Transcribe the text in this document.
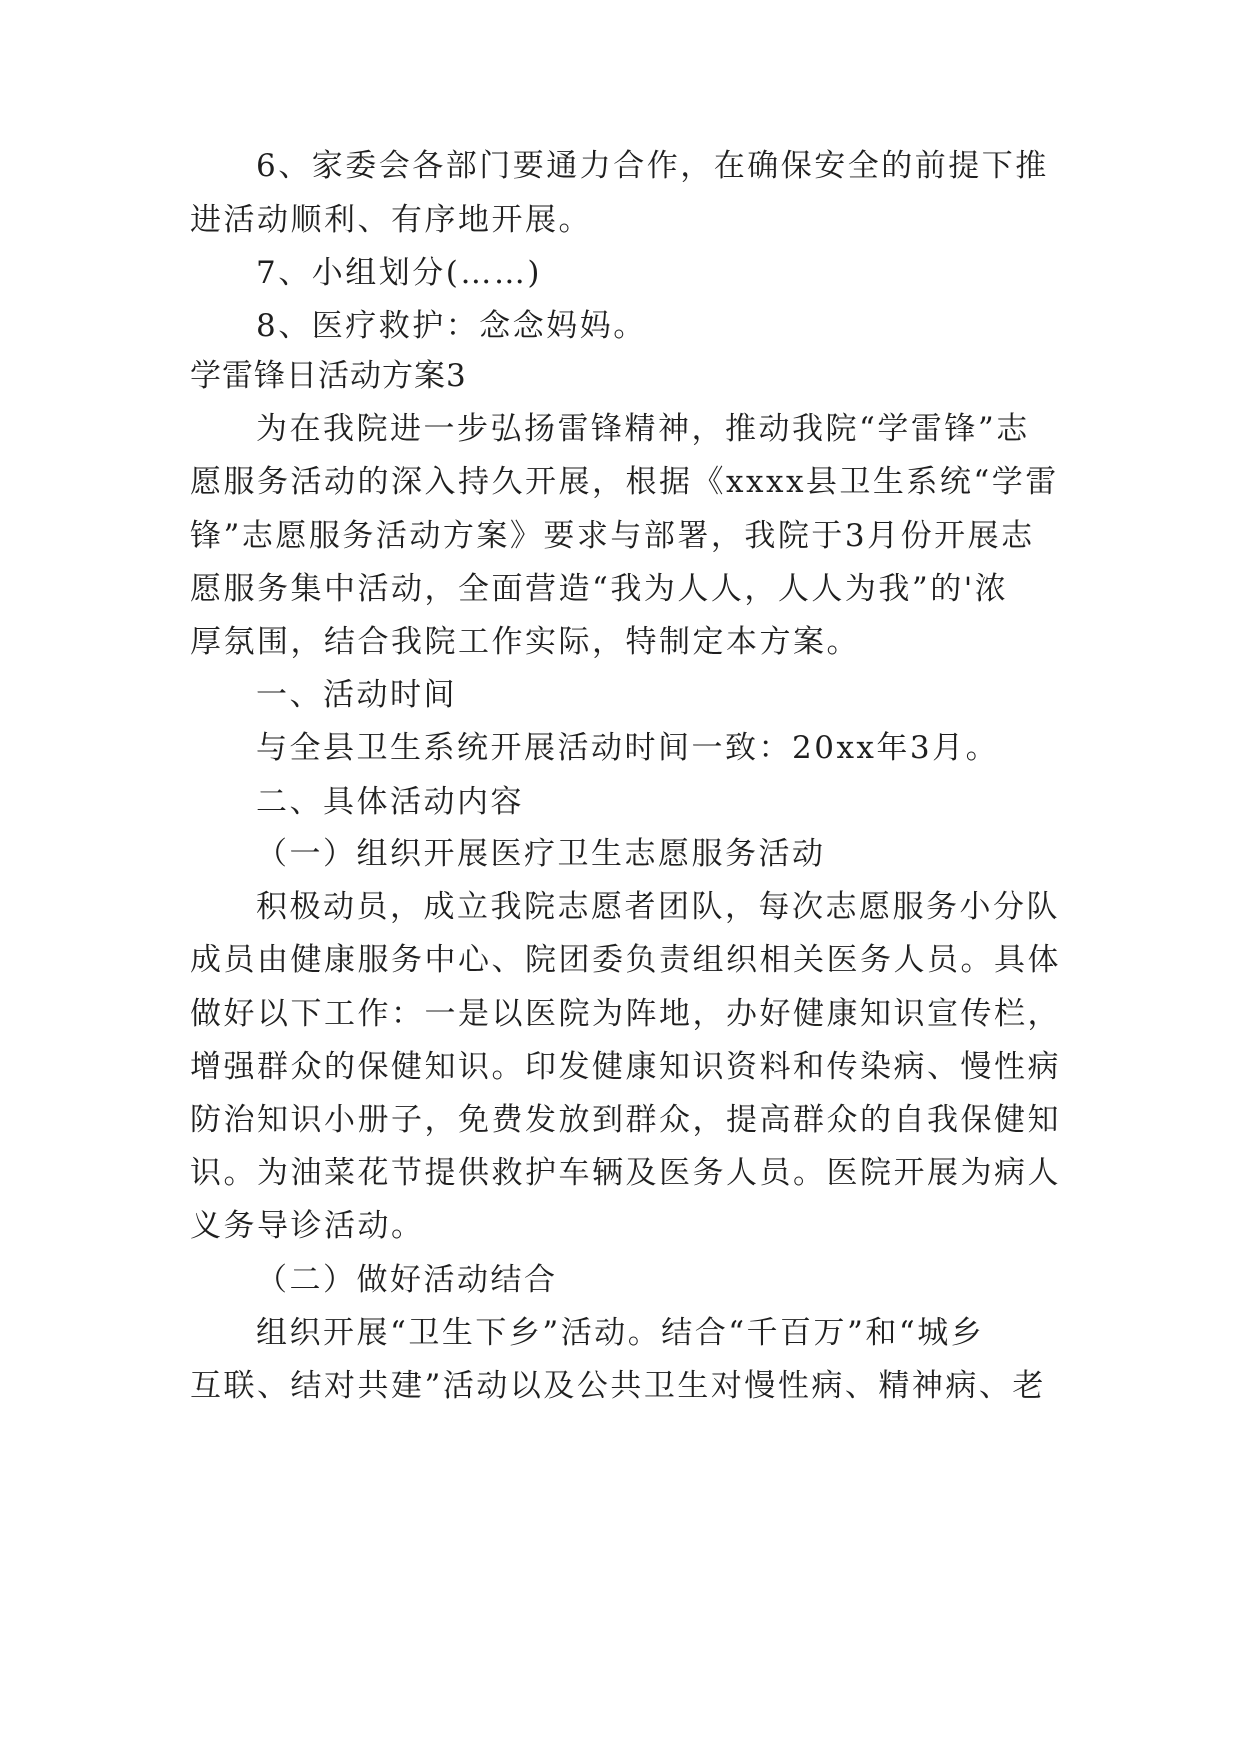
6、家委会各部门要通力合作，在确保安全的前提下推
进活动顺利、有序地开展。
7、小组划分(……)
8、医疗救护：念念妈妈。
学雷锋日活动方案3
为在我院进一步弘扬雷锋精神，推动我院“学雷锋”志
愿服务活动的深入持久开展，根据《xxxx县卫生系统“学雷
锋”志愿服务活动方案》要求与部署，我院于3月份开展志
愿服务集中活动，全面营造“我为人人，人人为我”的'浓
厚氛围，结合我院工作实际，特制定本方案。
一、活动时间
与全县卫生系统开展活动时间一致：20xx年3月。
二、具体活动内容
（一）组织开展医疗卫生志愿服务活动
积极动员，成立我院志愿者团队，每次志愿服务小分队
成员由健康服务中心、院团委负责组织相关医务人员。具体
做好以下工作：一是以医院为阵地，办好健康知识宣传栏，
增强群众的保健知识。印发健康知识资料和传染病、慢性病
防治知识小册子，免费发放到群众，提高群众的自我保健知
识。为油菜花节提供救护车辆及医务人员。医院开展为病人
义务导诊活动。
（二）做好活动结合
组织开展“卫生下乡”活动。结合“千百万”和“城乡
互联、结对共建”活动以及公共卫生对慢性病、精神病、老
